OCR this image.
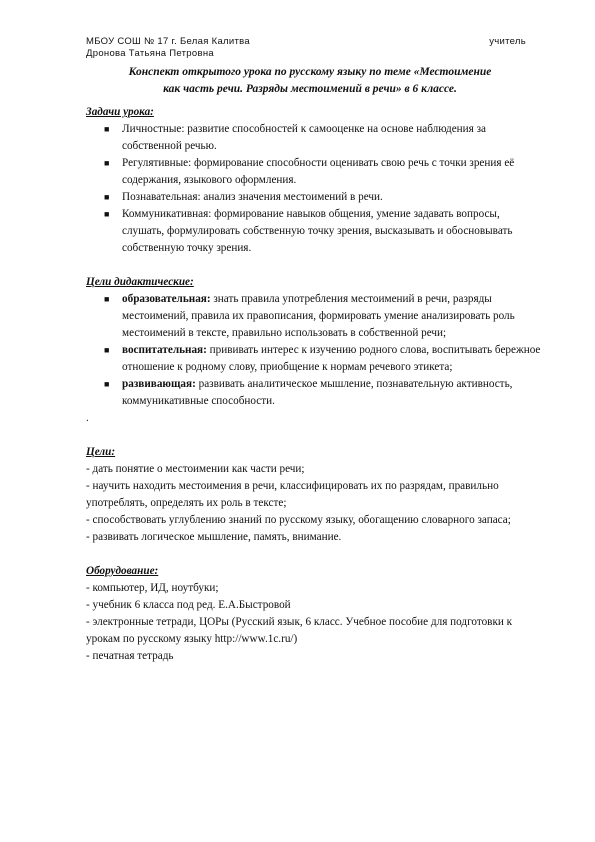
МБОУ СОШ № 17 г. Белая Калитва	учитель
Дронова Татьяна Петровна
Конспект открытого урока по русскому языку по теме «Местоимение
как часть речи. Разряды местоимений в речи» в 6 классе.

Задачи урока:

■ Личностные: развитие способностей к самооценке на основе наблюдения за собственной речью.
■ Регулятивные: формирование способности оценивать свою речь с точки зрения её содержания, языкового оформления.
■ Познавательная: анализ значения местоимений в речи.
■ Коммуникативная: формирование навыков общения, умение задавать вопросы, слушать, формулировать собственную точку зрения, высказывать и обосновывать собственную точку зрения.

Цели дидактические:

■ образовательная: знать правила употребления местоимений в речи, разряды местоимений, правила их правописания, формировать умение анализировать роль местоимений в тексте, правильно использовать в собственной речи;
■ воспитательная: прививать интерес к изучению родного слова, воспитывать бережное отношение к родному слову, приобщение к нормам речевого этикета;
■ развивающая: развивать аналитическое мышление, познавательную активность, коммуникативные способности.
.

Цели:

- дать понятие о местоимении как части речи;

- научить находить местоимения в речи, классифицировать их по разрядам, правильно употреблять, определять их роль в тексте;

- способствовать углублению знаний по русскому языку, обогащению словарного запаса;

- развивать логическое мышление, память, внимание.

Оборудование:

- компьютер, ИД, ноутбуки;

- учебник 6 класса под ред. Е.А.Быстровой

- электронные тетради, ЦОРы (Русский язык, 6 класс. Учебное пособие для подготовки к урокам по русскому языку http://www.1c.ru/)

- печатная тетрадь
